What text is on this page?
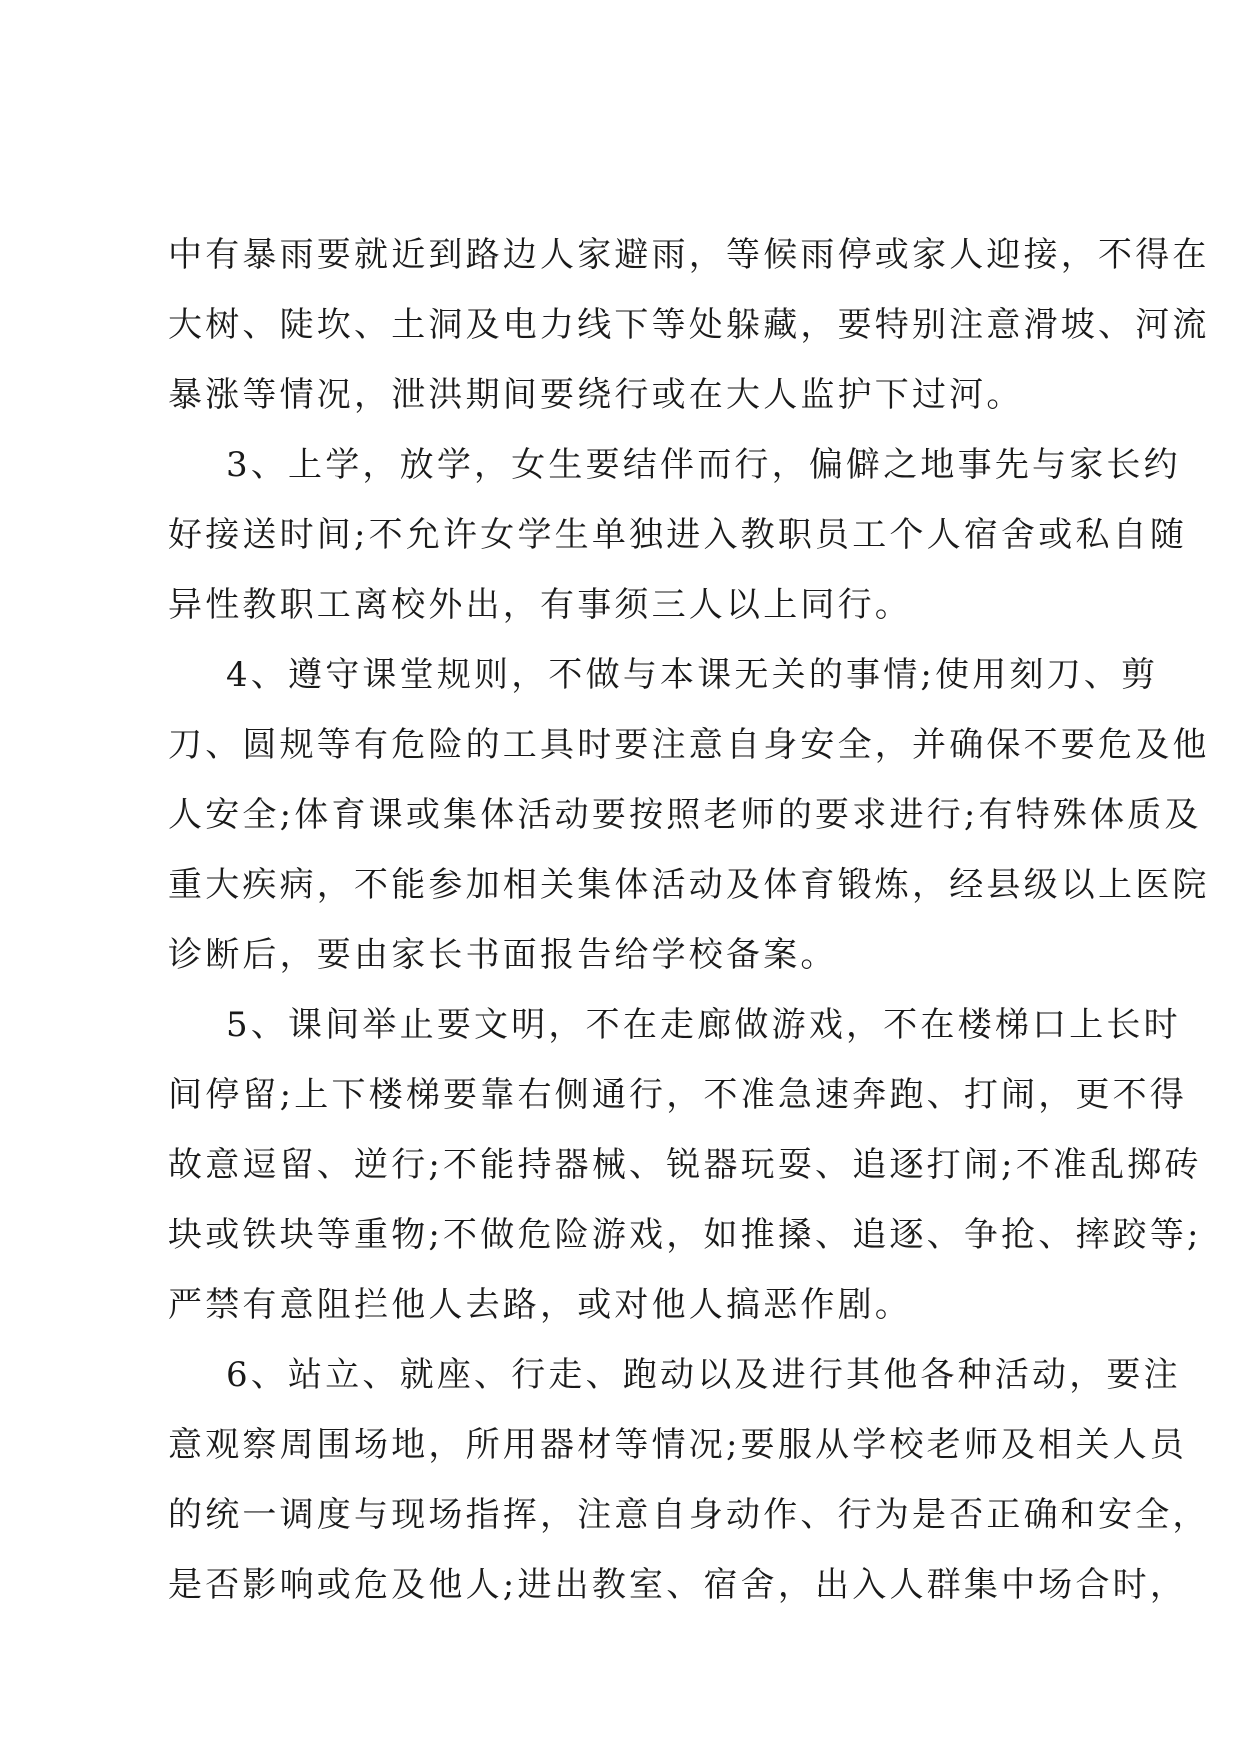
中有暴雨要就近到路边人家避雨，等候雨停或家人迎接，不得在
大树、陡坎、土洞及电力线下等处躲藏，要特别注意滑坡、河流
暴涨等情况，泄洪期间要绕行或在大人监护下过河。
3、上学，放学，女生要结伴而行，偏僻之地事先与家长约
好接送时间;不允许女学生单独进入教职员工个人宿舍或私自随
异性教职工离校外出，有事须三人以上同行。
4、遵守课堂规则，不做与本课无关的事情;使用刻刀、剪
刀、圆规等有危险的工具时要注意自身安全，并确保不要危及他
人安全;体育课或集体活动要按照老师的要求进行;有特殊体质及
重大疾病，不能参加相关集体活动及体育锻炼，经县级以上医院
诊断后，要由家长书面报告给学校备案。
5、课间举止要文明，不在走廊做游戏，不在楼梯口上长时
间停留;上下楼梯要靠右侧通行，不准急速奔跑、打闹，更不得
故意逗留、逆行;不能持器械、锐器玩耍、追逐打闹;不准乱掷砖
块或铁块等重物;不做危险游戏，如推搡、追逐、争抢、摔跤等;
严禁有意阻拦他人去路，或对他人搞恶作剧。
6、站立、就座、行走、跑动以及进行其他各种活动，要注
意观察周围场地，所用器材等情况;要服从学校老师及相关人员
的统一调度与现场指挥，注意自身动作、行为是否正确和安全，
是否影响或危及他人;进出教室、宿舍，出入人群集中场合时，
